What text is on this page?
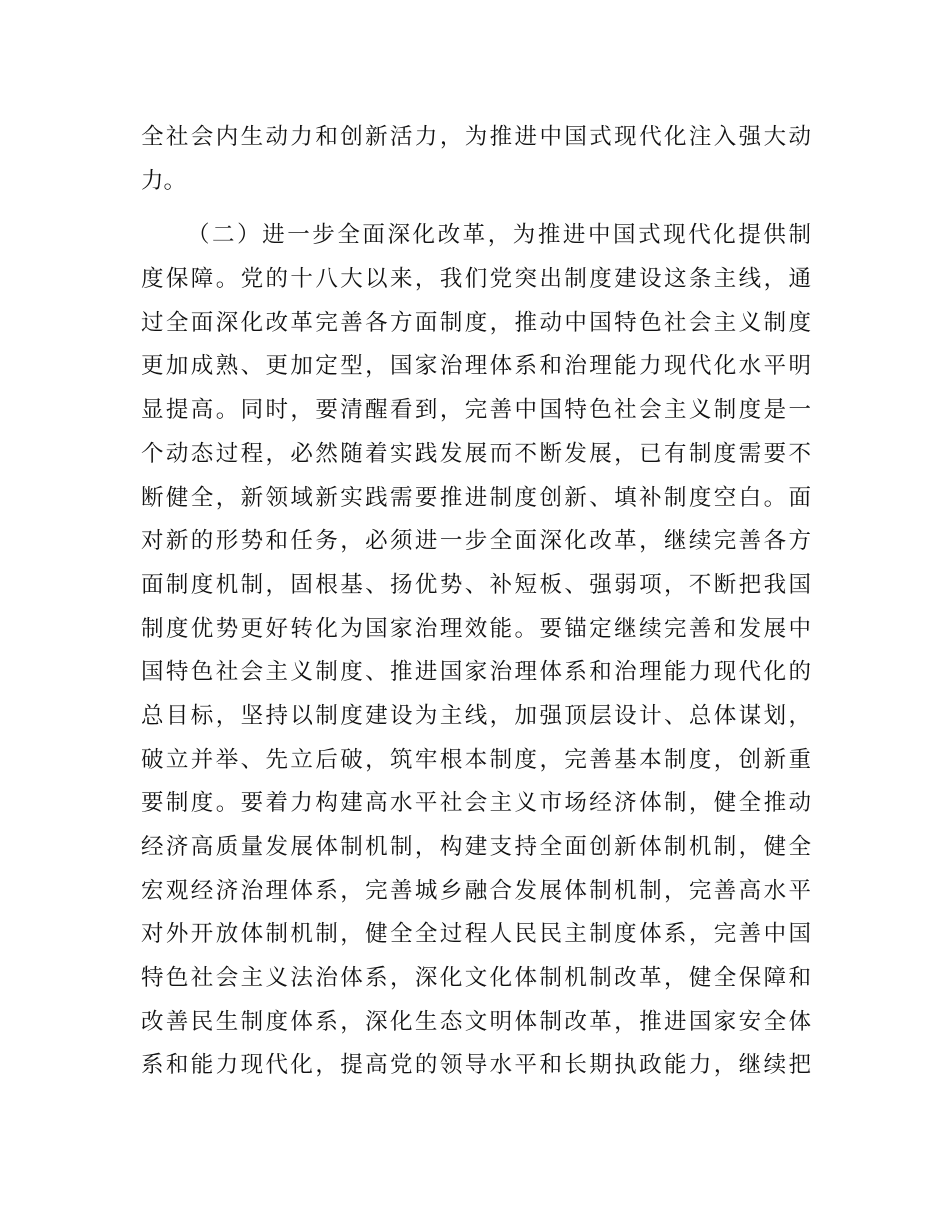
全社会内生动力和创新活力，为推进中国式现代化注入强大动
力。
（二）进一步全面深化改革，为推进中国式现代化提供制
度保障。党的十八大以来，我们党突出制度建设这条主线，通
过全面深化改革完善各方面制度，推动中国特色社会主义制度
更加成熟、更加定型，国家治理体系和治理能力现代化水平明
显提高。同时，要清醒看到，完善中国特色社会主义制度是一
个动态过程，必然随着实践发展而不断发展，已有制度需要不
断健全，新领域新实践需要推进制度创新、填补制度空白。面
对新的形势和任务，必须进一步全面深化改革，继续完善各方
面制度机制，固根基、扬优势、补短板、强弱项，不断把我国
制度优势更好转化为国家治理效能。要锚定继续完善和发展中
国特色社会主义制度、推进国家治理体系和治理能力现代化的
总目标，坚持以制度建设为主线，加强顶层设计、总体谋划，
破立并举、先立后破，筑牢根本制度，完善基本制度，创新重
要制度。要着力构建高水平社会主义市场经济体制，健全推动
经济高质量发展体制机制，构建支持全面创新体制机制，健全
宏观经济治理体系，完善城乡融合发展体制机制，完善高水平
对外开放体制机制，健全全过程人民民主制度体系，完善中国
特色社会主义法治体系，深化文化体制机制改革，健全保障和
改善民生制度体系，深化生态文明体制改革，推进国家安全体
系和能力现代化，提高党的领导水平和长期执政能力，继续把
